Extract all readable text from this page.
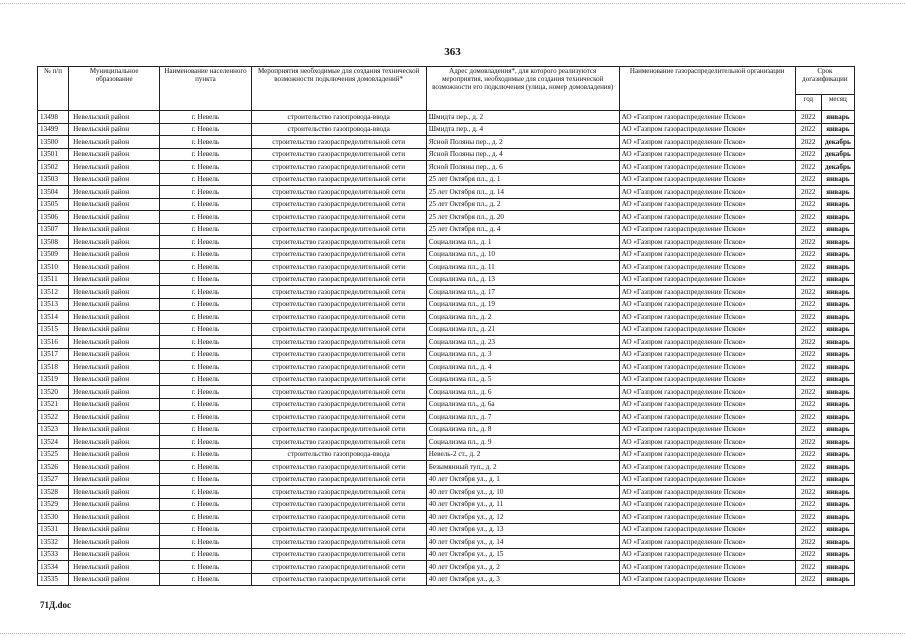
363
№ п/п	Муниципальное образование	Наименование населенного пункта	Мероприятия необходимые для создания технической возможности подключения домовладений*	Адрес домовладения*, для которого реализуются мероприятия, необходимые для создания технической возможности его подключения (улица, номер домовладения)	Наименование газораспределительной организации	Срок догазификации	
						год	месяц
13498	Невельский район	г. Невель	строительство газопровода-ввода	Шмидта пер., д. 2	АО «Газпром газораспределение Псков»	2022	январь
13499	Невельский район	г. Невель	строительство газопровода-ввода	Шмидта пер., д. 4	АО «Газпром газораспределение Псков»	2022	январь
13500	Невельский район	г. Невель	строительство газораспределительной сети	Ясной Поляны пер., д. 2	АО «Газпром газораспределение Псков»	2022	декабрь
13501	Невельский район	г. Невель	строительство газораспределительной сети	Ясной Поляны пер., д. 4	АО «Газпром газораспределение Псков»	2022	декабрь
13502	Невельский район	г. Невель	строительство газораспределительной сети	Ясной Поляны пер., д. 6	АО «Газпром газораспределение Псков»	2022	декабрь
13503	Невельский район	г. Невель	строительство газораспределительной сети	25 лет Октября пл., д. 1	АО «Газпром газораспределение Псков»	2022	январь
13504	Невельский район	г. Невель	строительство газораспределительной сети	25 лет Октября пл., д. 14	АО «Газпром газораспределение Псков»	2022	январь
13505	Невельский район	г. Невель	строительство газораспределительной сети	25 лет Октября пл., д. 2	АО «Газпром газораспределение Псков»	2022	январь
13506	Невельский район	г. Невель	строительство газораспределительной сети	25 лет Октября пл., д. 20	АО «Газпром газораспределение Псков»	2022	январь
13507	Невельский район	г. Невель	строительство газораспределительной сети	25 лет Октября пл., д. 4	АО «Газпром газораспределение Псков»	2022	январь
13508	Невельский район	г. Невель	строительство газораспределительной сети	Социализма пл., д. 1	АО «Газпром газораспределение Псков»	2022	январь
13509	Невельский район	г. Невель	строительство газораспределительной сети	Социализма пл., д. 10	АО «Газпром газораспределение Псков»	2022	январь
13510	Невельский район	г. Невель	строительство газораспределительной сети	Социализма пл., д. 11	АО «Газпром газораспределение Псков»	2022	январь
13511	Невельский район	г. Невель	строительство газораспределительной сети	Социализма пл., д. 13	АО «Газпром газораспределение Псков»	2022	январь
13512	Невельский район	г. Невель	строительство газораспределительной сети	Социализма пл., д. 17	АО «Газпром газораспределение Псков»	2022	январь
13513	Невельский район	г. Невель	строительство газораспределительной сети	Социализма пл., д. 19	АО «Газпром газораспределение Псков»	2022	январь
13514	Невельский район	г. Невель	строительство газораспределительной сети	Социализма пл., д. 2	АО «Газпром газораспределение Псков»	2022	январь
13515	Невельский район	г. Невель	строительство газораспределительной сети	Социализма пл., д. 21	АО «Газпром газораспределение Псков»	2022	январь
13516	Невельский район	г. Невель	строительство газораспределительной сети	Социализма пл., д. 23	АО «Газпром газораспределение Псков»	2022	январь
13517	Невельский район	г. Невель	строительство газораспределительной сети	Социализма пл., д. 3	АО «Газпром газораспределение Псков»	2022	январь
13518	Невельский район	г. Невель	строительство газораспределительной сети	Социализма пл., д. 4	АО «Газпром газораспределение Псков»	2022	январь
13519	Невельский район	г. Невель	строительство газораспределительной сети	Социализма пл., д. 5	АО «Газпром газораспределение Псков»	2022	январь
13520	Невельский район	г. Невель	строительство газораспределительной сети	Социализма пл., д. 6	АО «Газпром газораспределение Псков»	2022	январь
13521	Невельский район	г. Невель	строительство газораспределительной сети	Социализма пл., д. 6а	АО «Газпром газораспределение Псков»	2022	январь
13522	Невельский район	г. Невель	строительство газораспределительной сети	Социализма пл., д. 7	АО «Газпром газораспределение Псков»	2022	январь
13523	Невельский район	г. Невель	строительство газораспределительной сети	Социализма пл., д. 8	АО «Газпром газораспределение Псков»	2022	январь
13524	Невельский район	г. Невель	строительство газораспределительной сети	Социализма пл., д. 9	АО «Газпром газораспределение Псков»	2022	январь
13525	Невельский район	г. Невель	строительство газопровода-ввода	Невель-2 ст., д. 2	АО «Газпром газораспределение Псков»	2022	январь
13526	Невельский район	г. Невель	строительство газораспределительной сети	Безымянный туп., д. 2	АО «Газпром газораспределение Псков»	2022	январь
13527	Невельский район	г. Невель	строительство газораспределительной сети	40 лет Октября ул., д. 1	АО «Газпром газораспределение Псков»	2022	январь
13528	Невельский район	г. Невель	строительство газораспределительной сети	40 лет Октября ул., д. 10	АО «Газпром газораспределение Псков»	2022	январь
13529	Невельский район	г. Невель	строительство газораспределительной сети	40 лет Октября ул., д. 11	АО «Газпром газораспределение Псков»	2022	январь
13530	Невельский район	г. Невель	строительство газораспределительной сети	40 лет Октября ул., д. 12	АО «Газпром газораспределение Псков»	2022	январь
13531	Невельский район	г. Невель	строительство газораспределительной сети	40 лет Октября ул., д. 13	АО «Газпром газораспределение Псков»	2022	январь
13532	Невельский район	г. Невель	строительство газораспределительной сети	40 лет Октября ул., д. 14	АО «Газпром газораспределение Псков»	2022	январь
13533	Невельский район	г. Невель	строительство газораспределительной сети	40 лет Октября ул., д. 15	АО «Газпром газораспределение Псков»	2022	январь
13534	Невельский район	г. Невель	строительство газораспределительной сети	40 лет Октября ул., д. 2	АО «Газпром газораспределение Псков»	2022	январь
13535	Невельский район	г. Невель	строительство газораспределительной сети	40 лет Октября ул., д. 3	АО «Газпром газораспределение Псков»	2022	январь
71Д.doc
